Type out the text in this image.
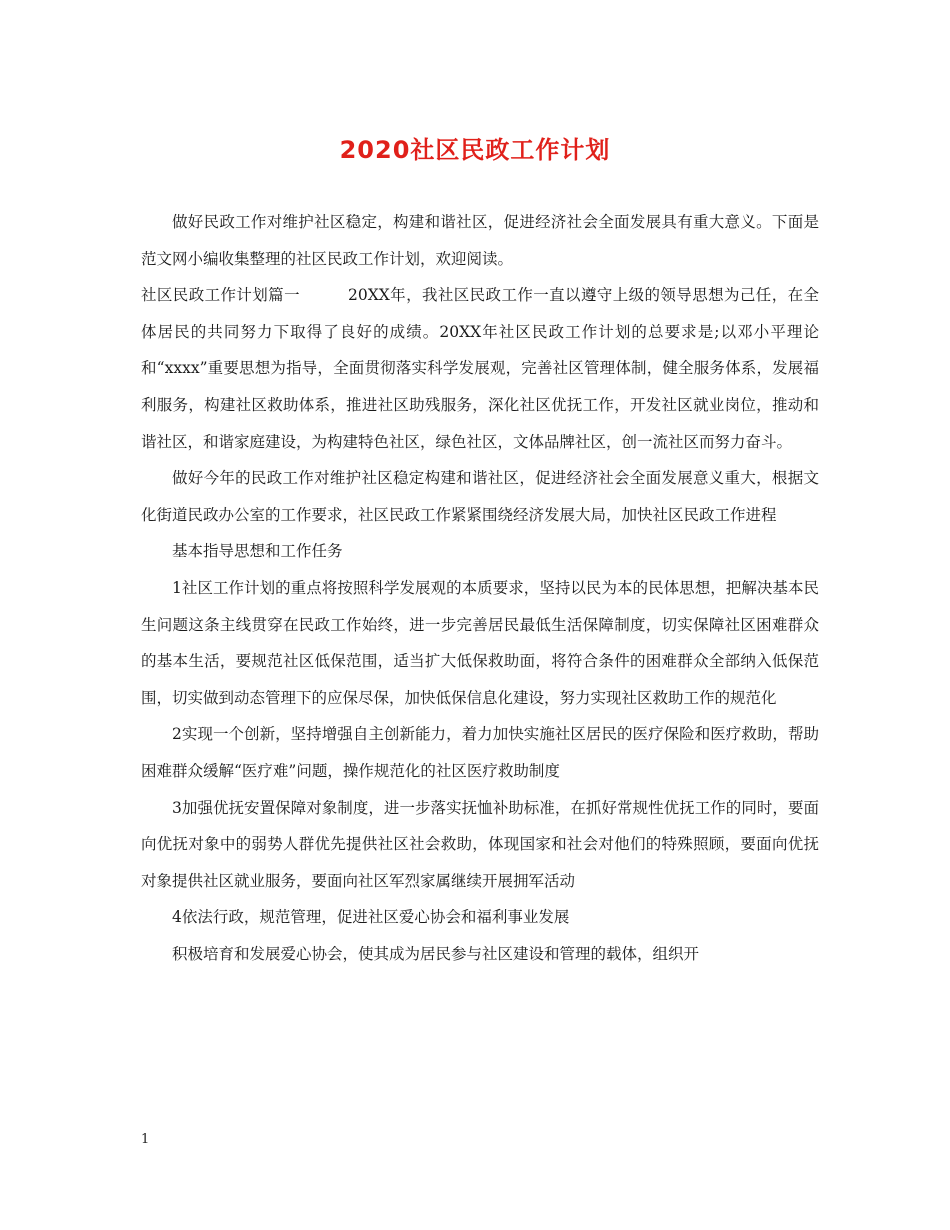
2020社区民政工作计划

做好民政工作对维护社区稳定，构建和谐社区，促进经济社会全面发展具有重大意义。下面是范文网小编收集整理的社区民政工作计划，欢迎阅读。

社区民政工作计划篇一	20XX年，我社区民政工作一直以遵守上级的领导思想为己任，在全体居民的共同努力下取得了良好的成绩。20XX年社区民政工作计划的总要求是;以邓小平理论和“xxxx”重要思想为指导，全面贯彻落实科学发展观，完善社区管理体制，健全服务体系，发展福利服务，构建社区救助体系，推进社区助残服务，深化社区优抚工作，开发社区就业岗位，推动和谐社区，和谐家庭建设，为构建特色社区，绿色社区，文体品牌社区，创一流社区而努力奋斗。

做好今年的民政工作对维护社区稳定构建和谐社区，促进经济社会全面发展意义重大，根据文化街道民政办公室的工作要求，社区民政工作紧紧围绕经济发展大局，加快社区民政工作进程

基本指导思想和工作任务

1社区工作计划的重点将按照科学发展观的本质要求，坚持以民为本的民体思想，把解决基本民生问题这条主线贯穿在民政工作始终，进一步完善居民最低生活保障制度，切实保障社区困难群众的基本生活，要规范社区低保范围，适当扩大低保救助面，将符合条件的困难群众全部纳入低保范围，切实做到动态管理下的应保尽保，加快低保信息化建设，努力实现社区救助工作的规范化

2实现一个创新，坚持增强自主创新能力，着力加快实施社区居民的医疗保险和医疗救助，帮助困难群众缓解“医疗难”问题，操作规范化的社区医疗救助制度

3加强优抚安置保障对象制度，进一步落实抚恤补助标准，在抓好常规性优抚工作的同时，要面向优抚对象中的弱势人群优先提供社区社会救助，体现国家和社会对他们的特殊照顾，要面向优抚对象提供社区就业服务，要面向社区军烈家属继续开展拥军活动

4依法行政，规范管理，促进社区爱心协会和福利事业发展

积极培育和发展爱心协会，使其成为居民参与社区建设和管理的载体，组织开

1
